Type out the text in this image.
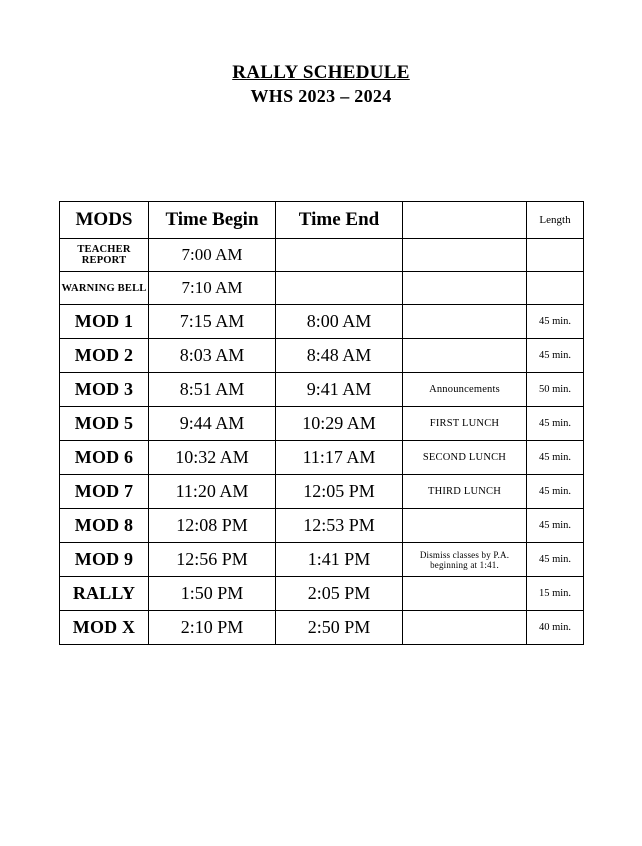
RALLY SCHEDULE
WHS 2023 – 2024
MODS	Time Begin	Time End		Length
TEACHER REPORT	7:00 AM			
WARNING BELL	7:10 AM			
MOD 1	7:15 AM	8:00 AM		45 min.
MOD 2	8:03 AM	8:48 AM		45 min.
MOD 3	8:51 AM	9:41 AM	Announcements	50 min.
MOD 5	9:44 AM	10:29 AM	FIRST LUNCH	45 min.
MOD 6	10:32 AM	11:17 AM	SECOND LUNCH	45 min.
MOD 7	11:20 AM	12:05 PM	THIRD LUNCH	45 min.
MOD 8	12:08 PM	12:53 PM		45 min.
MOD 9	12:56 PM	1:41 PM	Dismiss classes by P.A. beginning at 1:41.	45 min.
RALLY	1:50 PM	2:05 PM		15 min.
MOD X	2:10 PM	2:50 PM		40 min.
